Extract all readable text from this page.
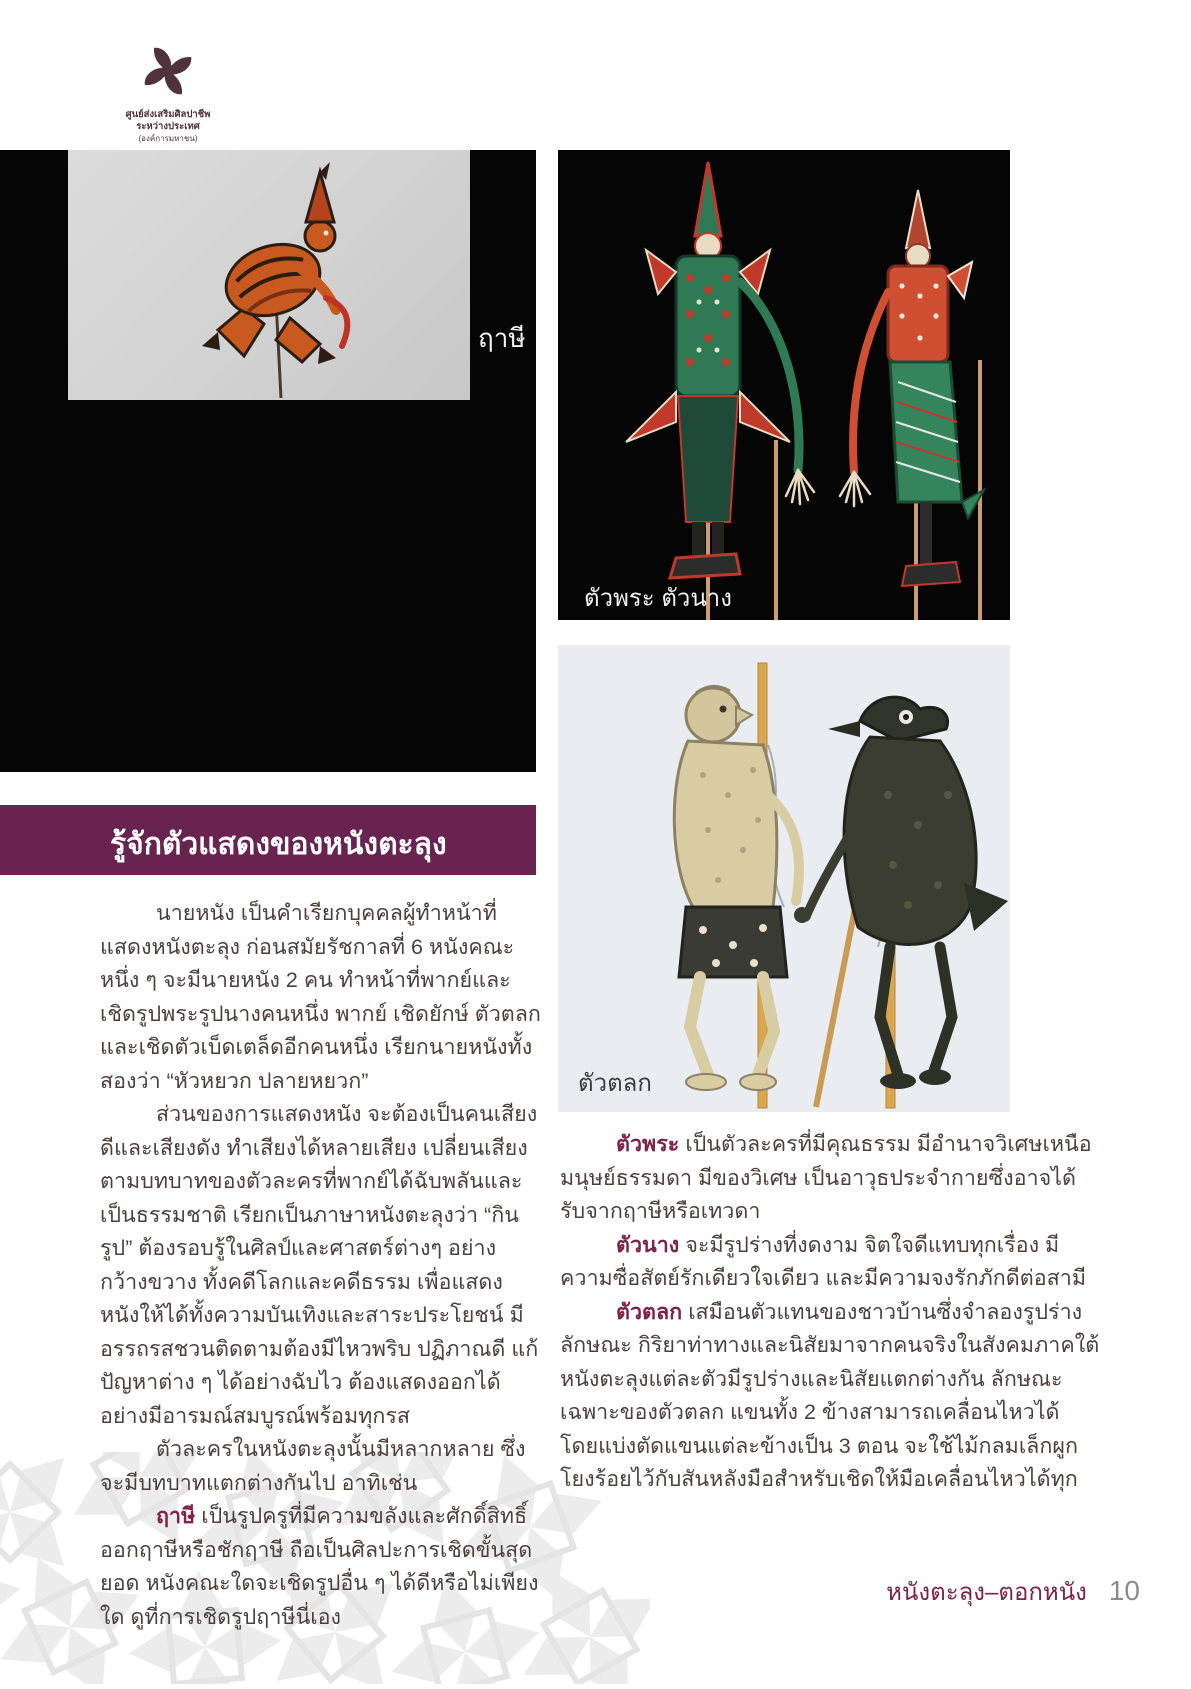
ศูนย์ส่งเสริมศิลปาชีพ
ระหว่างประเทศ
(องค์การมหาชน)
ฤาษี
ตัวพระ ตัวนาง
ตัวตลก
รู้จักตัวแสดงของหนังตะลุง

นายหนัง เป็นคำเรียกบุคคลผู้ทำหน้าที่แสดงหนังตะลุง ก่อนสมัยรัชกาลที่ 6 หนังคณะหนึ่ง ๆ จะมีนายหนัง 2 คน ทำหน้าที่พากย์และเชิดรูปพระรูปนางคนหนึ่ง พากย์ เชิดยักษ์ ตัวตลกและเชิดตัวเบ็ดเตล็ดอีกคนหนึ่ง เรียกนายหนังทั้งสองว่า “หัวหยวก ปลายหยวก”

ส่วนของการแสดงหนัง จะต้องเป็นคนเสียงดีและเสียงดัง ทำเสียงได้หลายเสียง เปลี่ยนเสียงตามบทบาทของตัวละครที่พากย์ได้ฉับพลันและเป็นธรรมชาติ เรียกเป็นภาษาหนังตะลุงว่า “กินรูป” ต้องรอบรู้ในศิลป์และศาสตร์ต่างๆ อย่างกว้างขวาง ทั้งคดีโลกและคดีธรรม เพื่อแสดงหนังให้ได้ทั้งความบันเทิงและสาระประโยชน์ มีอรรถรสชวนติดตามต้องมีไหวพริบ ปฏิภาณดี แก้ปัญหาต่าง ๆ ได้อย่างฉับไว ต้องแสดงออกได้อย่างมีอารมณ์สมบูรณ์พร้อมทุกรส

ตัวละครในหนังตะลุงนั้นมีหลากหลาย ซึ่งจะมีบทบาทแตกต่างกันไป อาทิเช่น

ฤาษี เป็นรูปครูที่มีความขลังและศักดิ์สิทธิ์ ออกฤาษีหรือชักฤาษี ถือเป็นศิลปะการเชิดขั้นสุดยอด หนังคณะใดจะเชิดรูปอื่น ๆ ได้ดีหรือไม่เพียงใด ดูที่การเชิดรูปฤาษีนี่เอง

ตัวพระ เป็นตัวละครที่มีคุณธรรม มีอำนาจวิเศษเหนือมนุษย์ธรรมดา มีของวิเศษ เป็นอาวุธประจำกายซึ่งอาจได้รับจากฤาษีหรือเทวดา

ตัวนาง จะมีรูปร่างที่งดงาม จิตใจดีแทบทุกเรื่อง มีความซื่อสัตย์รักเดียวใจเดียว และมีความจงรักภักดีต่อสามี

ตัวตลก เสมือนตัวแทนของชาวบ้านซึ่งจำลองรูปร่างลักษณะ กิริยาท่าทางและนิสัยมาจากคนจริงในสังคมภาคใต้ หนังตะลุงแต่ละตัวมีรูปร่างและนิสัยแตกต่างกัน ลักษณะเฉพาะของตัวตลก แขนทั้ง 2 ข้างสามารถเคลื่อนไหวได้ โดยแบ่งตัดแขนแต่ละข้างเป็น 3 ตอน จะใช้ไม้กลมเล็กผูกโยงร้อยไว้กับสันหลังมือสำหรับเชิดให้มือเคลื่อนไหวได้ทุก

หนังตะลุง–ตอกหนัง 10
